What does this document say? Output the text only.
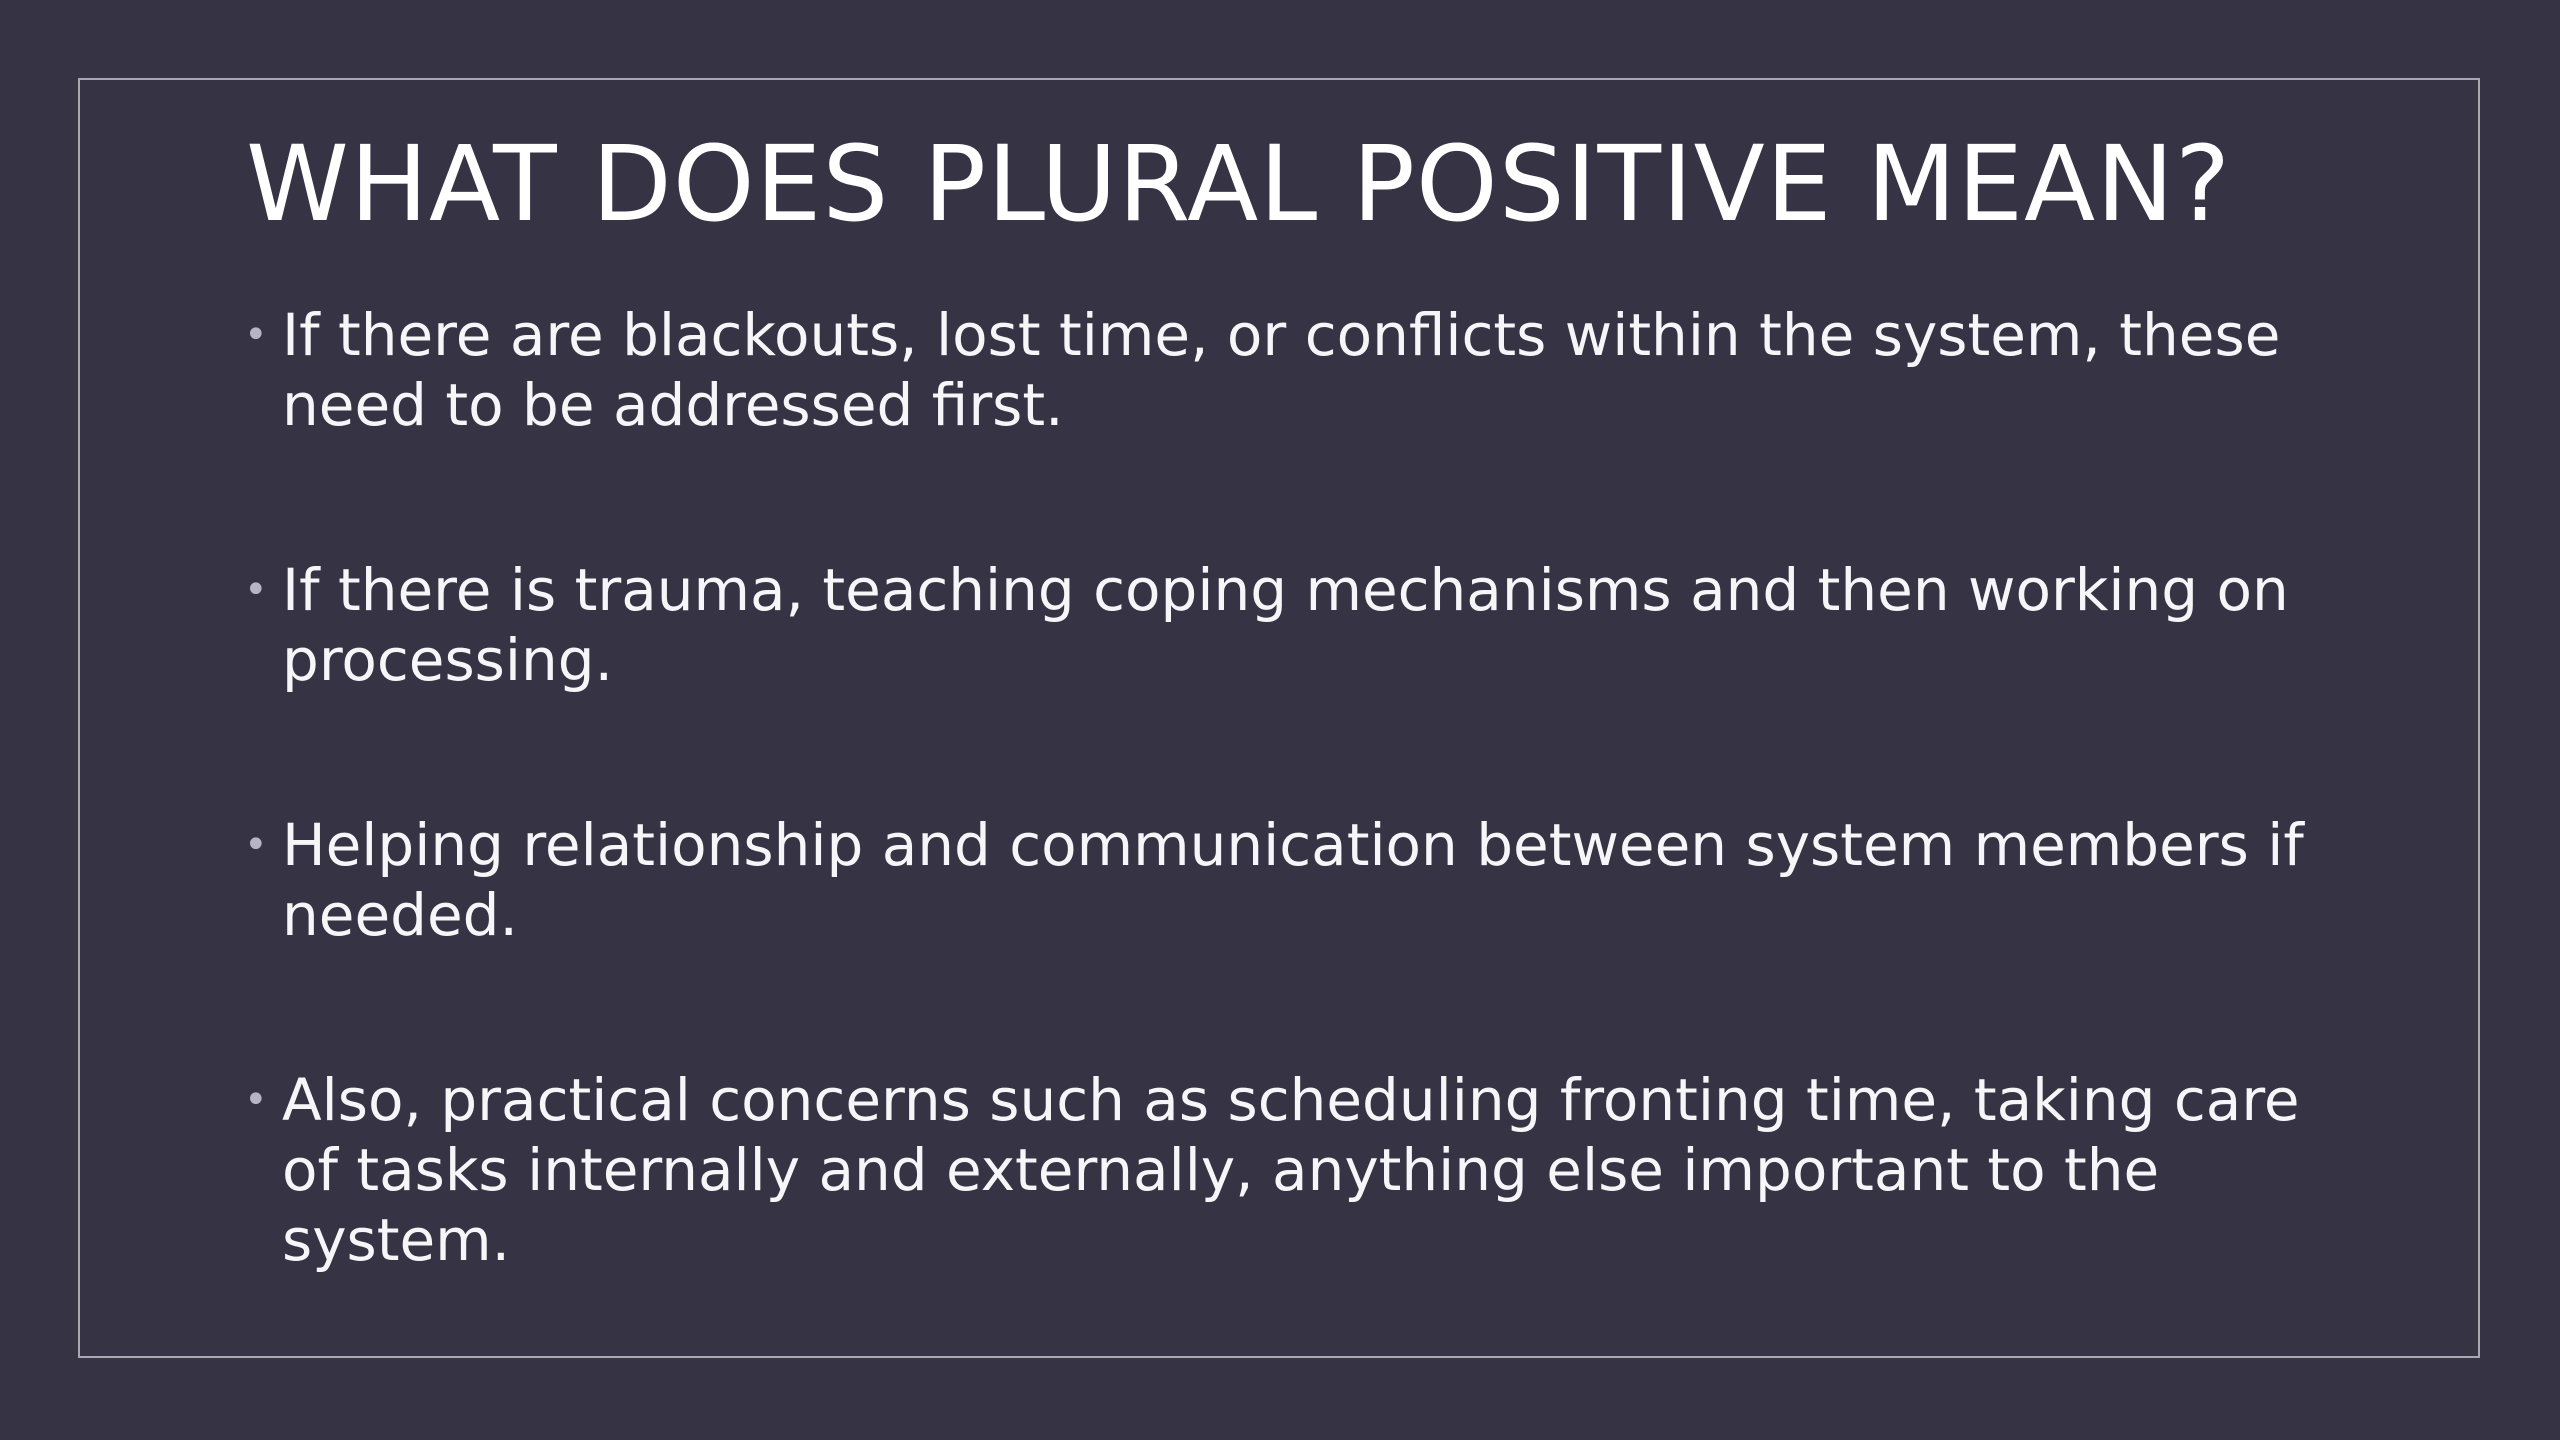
WHAT DOES PLURAL POSITIVE MEAN?
• If there are blackouts, lost time, or conflicts within the system, these need to be addressed first.
• If there is trauma, teaching coping mechanisms and then working on processing.
• Helping relationship and communication between system members if needed.
• Also, practical concerns such as scheduling fronting time, taking care of tasks internally and externally, anything else important to the system.
